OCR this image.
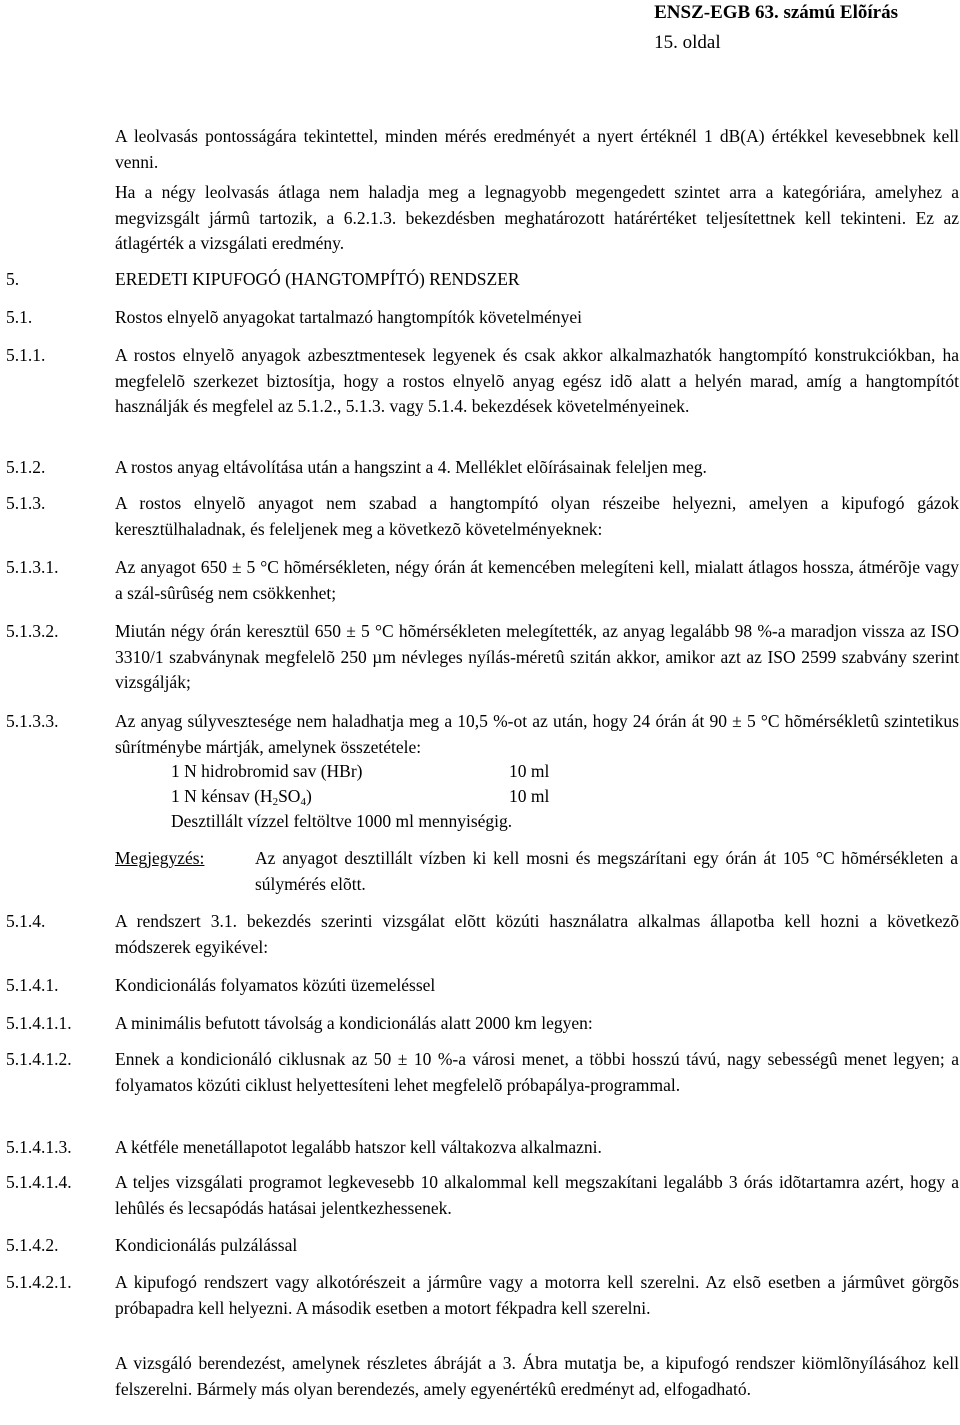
ENSZ-EGB 63. számú Elõírás
15. oldal
A leolvasás pontosságára tekintettel, minden mérés eredményét a nyert értéknél 1 dB(A) értékkel kevesebbnek kell venni.
Ha a négy leolvasás átlaga nem haladja meg a legnagyobb megengedett szintet arra a kategóriára, amelyhez a megvizsgált jármû tartozik, a 6.2.1.3. bekezdésben meghatározott határértéket teljesítettnek kell tekinteni. Ez az átlagérték a vizsgálati eredmény.
5.	EREDETI KIPUFOGÓ (HANGTOMPÍTÓ) RENDSZER
5.1.	Rostos elnyelõ anyagokat tartalmazó hangtompítók követelményei
5.1.1.	A rostos elnyelõ anyagok azbesztmentesek legyenek és csak akkor alkalmazhatók hangtompító konstrukciókban, ha megfelelõ szerkezet biztosítja, hogy a rostos elnyelõ anyag egész idõ alatt a helyén marad, amíg a hangtompítót használják és megfelel az 5.1.2., 5.1.3. vagy 5.1.4. bekezdések követelményeinek.
5.1.2.	A rostos anyag eltávolítása után a hangszint a 4. Melléklet elõírásainak feleljen meg.
5.1.3.	A rostos elnyelõ anyagot nem szabad a hangtompító olyan részeibe helyezni, amelyen a kipufogó gázok keresztülhaladnak, és feleljenek meg a következõ követelményeknek:
5.1.3.1.	Az anyagot 650 ± 5 °C hõmérsékleten, négy órán át kemencében melegíteni kell, mialatt átlagos hossza, átmérõje vagy a szál-sûrûség nem csökkenhet;
5.1.3.2.	Miután négy órán keresztül 650 ± 5 °C hõmérsékleten melegítették, az anyag legalább 98 %-a maradjon vissza az ISO 3310/1 szabványnak megfelelõ 250 µm névleges nyílás-méretû szitán akkor, amikor azt az ISO 2599 szabvány szerint vizsgálják;
5.1.3.3.	Az anyag súlyvesztesége nem haladhatja meg a 10,5 %-ot az után, hogy 24 órán át 90 ± 5 °C hõmérsékletû szintetikus sûrítménybe mártják, amelynek összetétele:
1 N hidrobromid sav (HBr)	10 ml
1 N kénsav $(H_2SO_4)$	10 ml
Desztillált vízzel feltöltve 1000 ml mennyiségig.
Megjegyzés:	Az anyagot desztillált vízben ki kell mosni és megszárítani egy órán át 105 °C hõmérsékleten a súlymérés elõtt.
5.1.4.	A rendszert 3.1. bekezdés szerinti vizsgálat elõtt közúti használatra alkalmas állapotba kell hozni a következõ módszerek egyikével:
5.1.4.1.	Kondicionálás folyamatos közúti üzemeléssel
5.1.4.1.1. A minimális befutott távolság a kondicionálás alatt 2000 km legyen:
5.1.4.1.2. Ennek a kondicionáló ciklusnak az 50 ± 10 %-a városi menet, a többi hosszú távú, nagy sebességû menet legyen; a folyamatos közúti ciklust helyettesíteni lehet megfelelõ próbapálya-programmal.
5.1.4.1.3. A kétféle menetállapotot legalább hatszor kell váltakozva alkalmazni.
5.1.4.1.4. A teljes vizsgálati programot legkevesebb 10 alkalommal kell megszakítani legalább 3 órás idõtartamra azért, hogy a lehûlés és lecsapódás hatásai jelentkezhessenek.
5.1.4.2.	Kondicionálás pulzálással
5.1.4.2.1. A kipufogó rendszert vagy alkotórészeit a jármûre vagy a motorra kell szerelni. Az elsõ esetben a jármûvet görgõs próbapadra kell helyezni. A második esetben a motort fékpadra kell szerelni.
A vizsgáló berendezést, amelynek részletes ábráját a 3. Ábra mutatja be, a kipufogó rendszer kiömlõnyílásához kell felszerelni. Bármely más olyan berendezés, amely egyenértékû eredményt ad, elfogadható.
